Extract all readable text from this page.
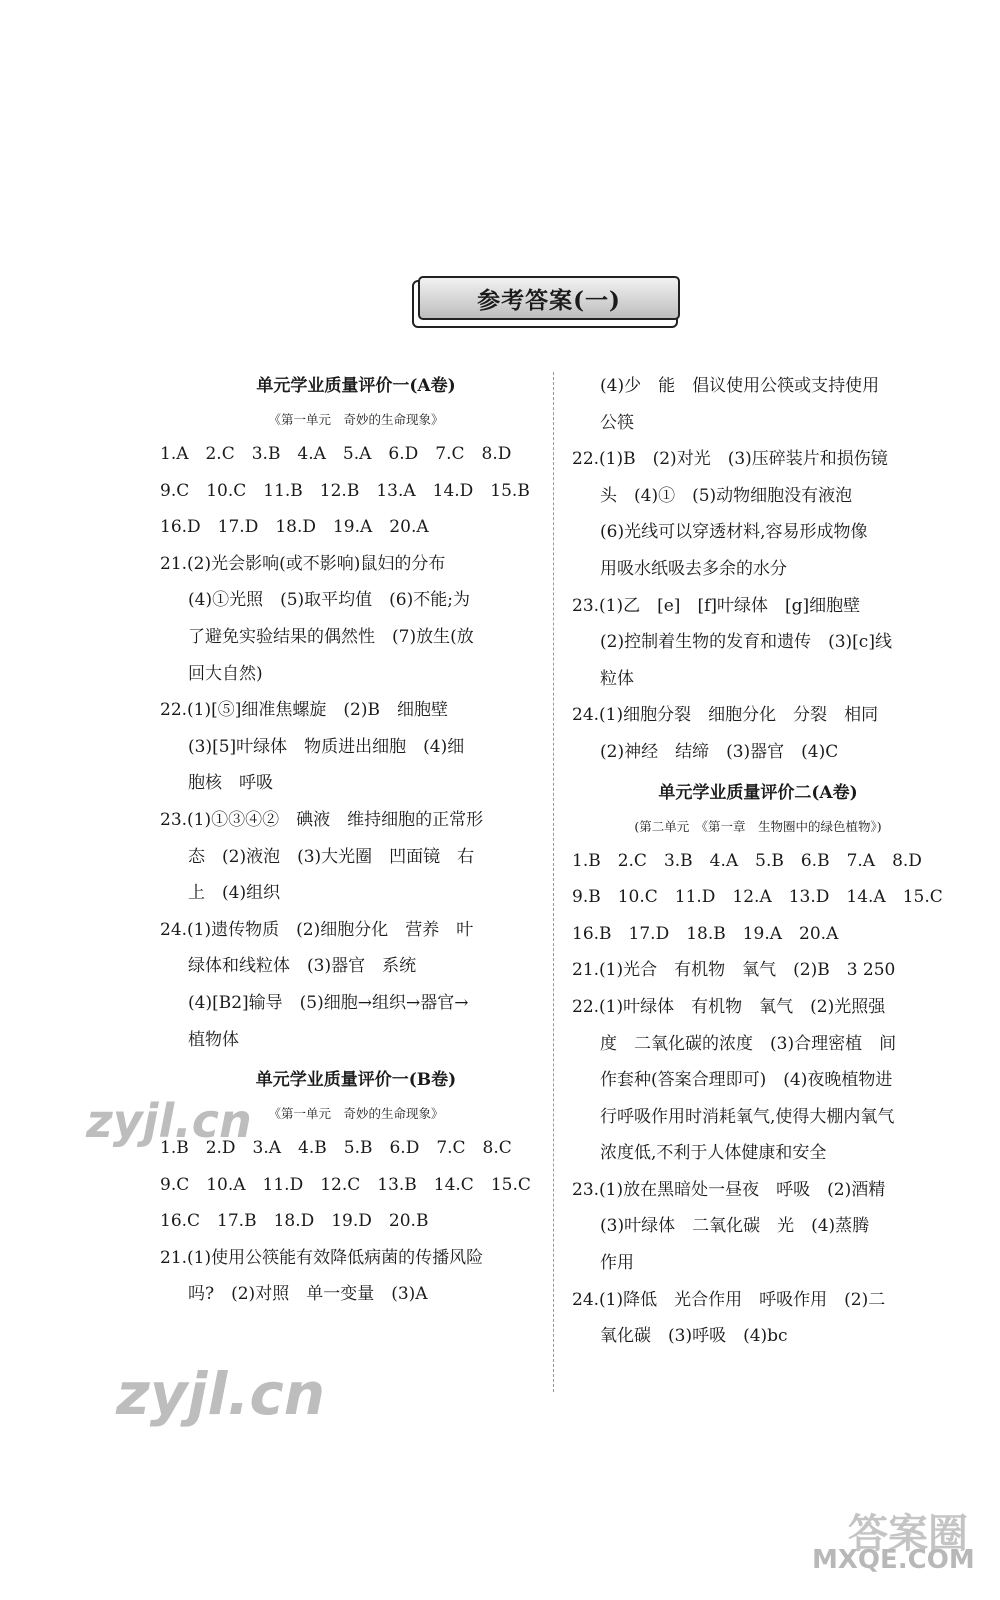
参考答案(一)
单元学业质量评价一(A卷)
《第一单元　奇妙的生命现象》
1.A　2.C　3.B　4.A　5.A　6.D　7.C　8.D
9.C　10.C　11.B　12.B　13.A　14.D　15.B
16.D　17.D　18.D　19.A　20.A
21.(2)光会影响(或不影响)鼠妇的分布
(4)①光照　(5)取平均值　(6)不能;为
了避免实验结果的偶然性　(7)放生(放
回大自然)
22.(1)[⑤]细准焦螺旋　(2)B　细胞壁
(3)[5]叶绿体　物质进出细胞　(4)细
胞核　呼吸
23.(1)①③④②　碘液　维持细胞的正常形
态　(2)液泡　(3)大光圈　凹面镜　右
上　(4)组织
24.(1)遗传物质　(2)细胞分化　营养　叶
绿体和线粒体　(3)器官　系统
(4)[B2]输导　(5)细胞→组织→器官→
植物体
单元学业质量评价一(B卷)
《第一单元　奇妙的生命现象》
1.B　2.D　3.A　4.B　5.B　6.D　7.C　8.C
9.C　10.A　11.D　12.C　13.B　14.C　15.C
16.C　17.B　18.D　19.D　20.B
21.(1)使用公筷能有效降低病菌的传播风险
吗?　(2)对照　单一变量　(3)A
(4)少　能　倡议使用公筷或支持使用
公筷
22.(1)B　(2)对光　(3)压碎装片和损伤镜
头　(4)①　(5)动物细胞没有液泡
(6)光线可以穿透材料,容易形成物像
用吸水纸吸去多余的水分
23.(1)乙　[e]　[f]叶绿体　[g]细胞壁
(2)控制着生物的发育和遗传　(3)[c]线
粒体
24.(1)细胞分裂　细胞分化　分裂　相同
(2)神经　结缔　(3)器官　(4)C
单元学业质量评价二(A卷)
(第二单元　《第一章　生物圈中的绿色植物》)
1.B　2.C　3.B　4.A　5.B　6.B　7.A　8.D
9.B　10.C　11.D　12.A　13.D　14.A　15.C
16.B　17.D　18.B　19.A　20.A
21.(1)光合　有机物　氧气　(2)B　3 250
22.(1)叶绿体　有机物　氧气　(2)光照强
度　二氧化碳的浓度　(3)合理密植　间
作套种(答案合理即可)　(4)夜晚植物进
行呼吸作用时消耗氧气,使得大棚内氧气
浓度低,不利于人体健康和安全
23.(1)放在黑暗处一昼夜　呼吸　(2)酒精
(3)叶绿体　二氧化碳　光　(4)蒸腾
作用
24.(1)降低　光合作用　呼吸作用　(2)二
氧化碳　(3)呼吸　(4)bc
zyjl.cn
zyjl.cn
答案圈
MXQE.COM
